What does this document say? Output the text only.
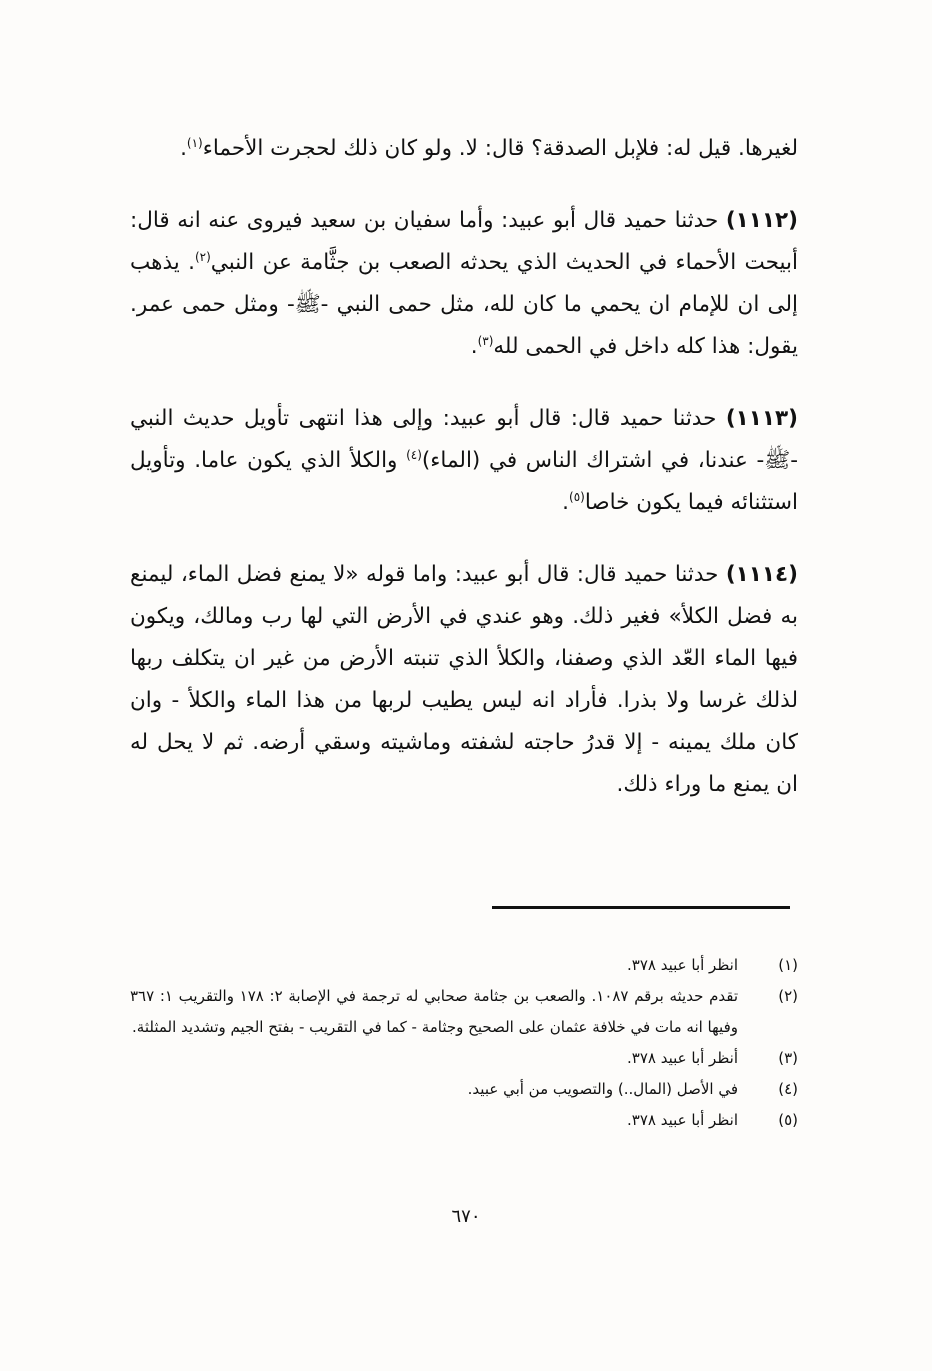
لغيرها. قيل له: فلإبل الصدقة؟ قال: لا. ولو كان ذلك لحجرت الأحماء$^{(١)}$.

(١١١٢) حدثنا حميد قال أبو عبيد: وأما سفيان بن سعيد فيروى عنه انه قال: أبيحت الأحماء في الحديث الذي يحدثه الصعب بن جثَّامة عن النبي$^{(٢)}$. يذهب إلى ان للإمام ان يحمي ما كان لله، مثل حمى النبي -ﷺ- ومثل حمى عمر. يقول: هذا كله داخل في الحمى لله$^{(٣)}$.

(١١١٣) حدثنا حميد قال: قال أبو عبيد: وإلى هذا انتهى تأويل حديث النبي -ﷺ- عندنا، في اشتراك الناس في (الماء)$^{(٤)}$ والكلأ الذي يكون عاما. وتأويل استثنائه فيما يكون خاصا$^{(٥)}$.

(١١١٤) حدثنا حميد قال: قال أبو عبيد: واما قوله «لا يمنع فضل الماء، ليمنع به فضل الكلأ» فغير ذلك. وهو عندي في الأرض التي لها رب ومالك، ويكون فيها الماء العّد الذي وصفنا، والكلأ الذي تنبته الأرض من غير ان يتكلف ربها لذلك غرسا ولا بذرا. فأراد انه ليس يطيب لربها من هذا الماء والكلأ - وان كان ملك يمينه - إلا قدرُ حاجته لشفته وماشيته وسقي أرضه. ثم لا يحل له ان يمنع ما وراء ذلك.

(١)
انظر أبا عبيد ٣٧٨.
(٢)
تقدم حديثه برقم ١٠٨٧. والصعب بن جثامة صحابي له ترجمة في الإصابة ٢: ١٧٨ والتقريب ١: ٣٦٧ وفيها انه مات في خلافة عثمان على الصحيح وجثامة - كما في التقريب - بفتح الجيم وتشديد المثلثة.
(٣)
أنظر أبا عبيد ٣٧٨.
(٤)
في الأصل (المال..) والتصويب من أبي عبيد.
(٥)
انظر أبا عبيد ٣٧٨.
٦٧٠
